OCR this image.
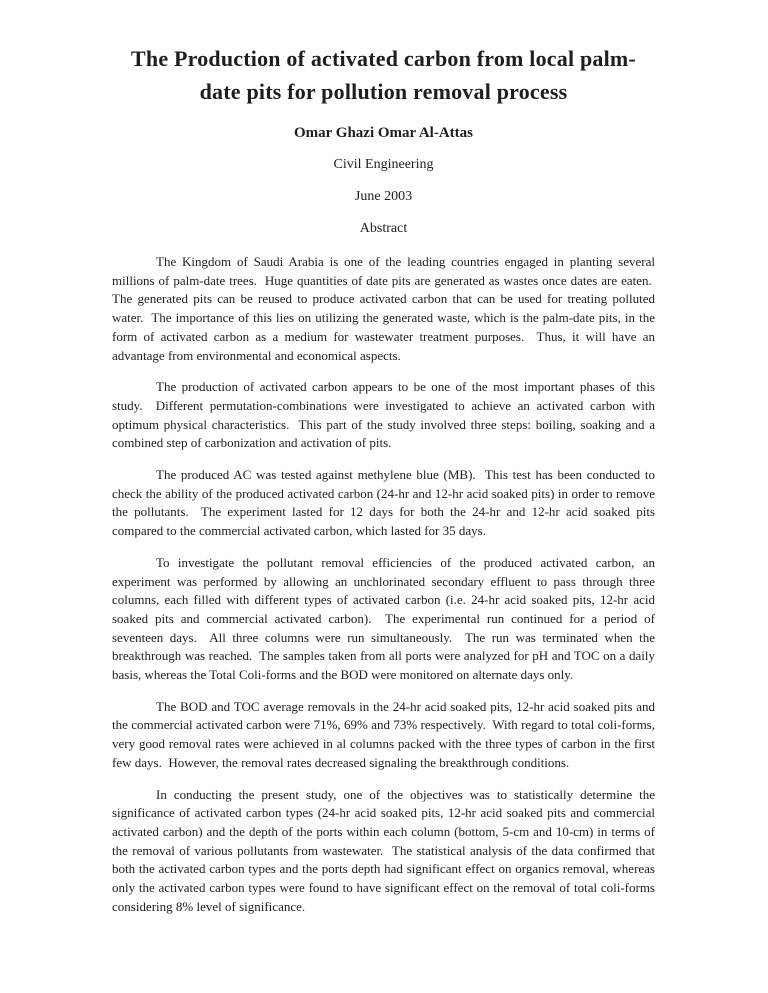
The Production of activated carbon from local palm-date pits for pollution removal process
Omar Ghazi Omar Al-Attas
Civil Engineering
June 2003
Abstract

The Kingdom of Saudi Arabia is one of the leading countries engaged in planting several millions of palm-date trees.  Huge quantities of date pits are generated as wastes once dates are eaten.  The generated pits can be reused to produce activated carbon that can be used for treating polluted water.  The importance of this lies on utilizing the generated waste, which is the palm-date pits, in the form of activated carbon as a medium for wastewater treatment purposes.  Thus, it will have an advantage from environmental and economical aspects.

The production of activated carbon appears to be one of the most important phases of this study.  Different permutation-combinations were investigated to achieve an activated carbon with optimum physical characteristics.  This part of the study involved three steps: boiling, soaking and a combined step of carbonization and activation of pits.

The produced AC was tested against methylene blue (MB).  This test has been conducted to check the ability of the produced activated carbon (24-hr and 12-hr acid soaked pits) in order to remove the pollutants.  The experiment lasted for 12 days for both the 24-hr and 12-hr acid soaked pits compared to the commercial activated carbon, which lasted for 35 days.

To investigate the pollutant removal efficiencies of the produced activated carbon, an experiment was performed by allowing an unchlorinated secondary effluent to pass through three columns, each filled with different types of activated carbon (i.e. 24-hr acid soaked pits, 12-hr acid soaked pits and commercial activated carbon).  The experimental run continued for a period of seventeen days.  All three columns were run simultaneously.  The run was terminated when the breakthrough was reached.  The samples taken from all ports were analyzed for pH and TOC on a daily basis, whereas the Total Coli-forms and the BOD were monitored on alternate days only.

The BOD and TOC average removals in the 24-hr acid soaked pits, 12-hr acid soaked pits and the commercial activated carbon were 71%, 69% and 73% respectively.  With regard to total coli-forms, very good removal rates were achieved in al columns packed with the three types of carbon in the first few days.  However, the removal rates decreased signaling the breakthrough conditions.

In conducting the present study, one of the objectives was to statistically determine the significance of activated carbon types (24-hr acid soaked pits, 12-hr acid soaked pits and commercial activated carbon) and the depth of the ports within each column (bottom, 5-cm and 10-cm) in terms of the removal of various pollutants from wastewater.  The statistical analysis of the data confirmed that both the activated carbon types and the ports depth had significant effect on organics removal, whereas only the activated carbon types were found to have significant effect on the removal of total coli-forms considering 8% level of significance.
